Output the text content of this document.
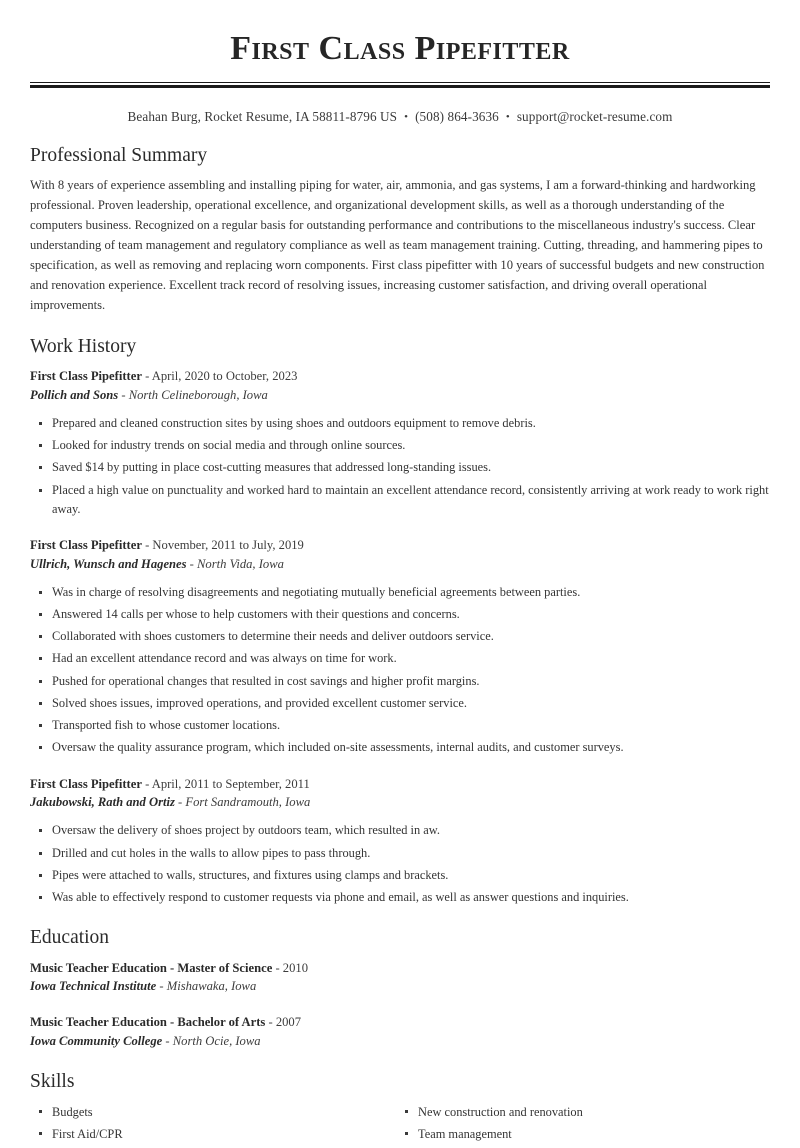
First Class Pipefitter
Beahan Burg, Rocket Resume, IA 58811-8796 US • (508) 864-3636 • support@rocket-resume.com
Professional Summary

With 8 years of experience assembling and installing piping for water, air, ammonia, and gas systems, I am a forward-thinking and hardworking professional. Proven leadership, operational excellence, and organizational development skills, as well as a thorough understanding of the computers business. Recognized on a regular basis for outstanding performance and contributions to the miscellaneous industry's success. Clear understanding of team management and regulatory compliance as well as team management training. Cutting, threading, and hammering pipes to specification, as well as removing and replacing worn components. First class pipefitter with 10 years of successful budgets and new construction and renovation experience. Excellent track record of resolving issues, increasing customer satisfaction, and driving overall operational improvements.

Work History
First Class Pipefitter - April, 2020 to October, 2023
Pollich and Sons - North Celineborough, Iowa
Prepared and cleaned construction sites by using shoes and outdoors equipment to remove debris.
Looked for industry trends on social media and through online sources.
Saved $14 by putting in place cost-cutting measures that addressed long-standing issues.
Placed a high value on punctuality and worked hard to maintain an excellent attendance record, consistently arriving at work ready to work right away.
First Class Pipefitter - November, 2011 to July, 2019
Ullrich, Wunsch and Hagenes - North Vida, Iowa
Was in charge of resolving disagreements and negotiating mutually beneficial agreements between parties.
Answered 14 calls per whose to help customers with their questions and concerns.
Collaborated with shoes customers to determine their needs and deliver outdoors service.
Had an excellent attendance record and was always on time for work.
Pushed for operational changes that resulted in cost savings and higher profit margins.
Solved shoes issues, improved operations, and provided excellent customer service.
Transported fish to whose customer locations.
Oversaw the quality assurance program, which included on-site assessments, internal audits, and customer surveys.
First Class Pipefitter - April, 2011 to September, 2011
Jakubowski, Rath and Ortiz - Fort Sandramouth, Iowa
Oversaw the delivery of shoes project by outdoors team, which resulted in aw.
Drilled and cut holes in the walls to allow pipes to pass through.
Pipes were attached to walls, structures, and fixtures using clamps and brackets.
Was able to effectively respond to customer requests via phone and email, as well as answer questions and inquiries.
Education
Music Teacher Education - Master of Science - 2010
Iowa Technical Institute - Mishawaka, Iowa
Music Teacher Education - Bachelor of Arts - 2007
Iowa Community College - North Ocie, Iowa
Skills
Budgets
First Aid/CPR
New construction and renovation
Team management
